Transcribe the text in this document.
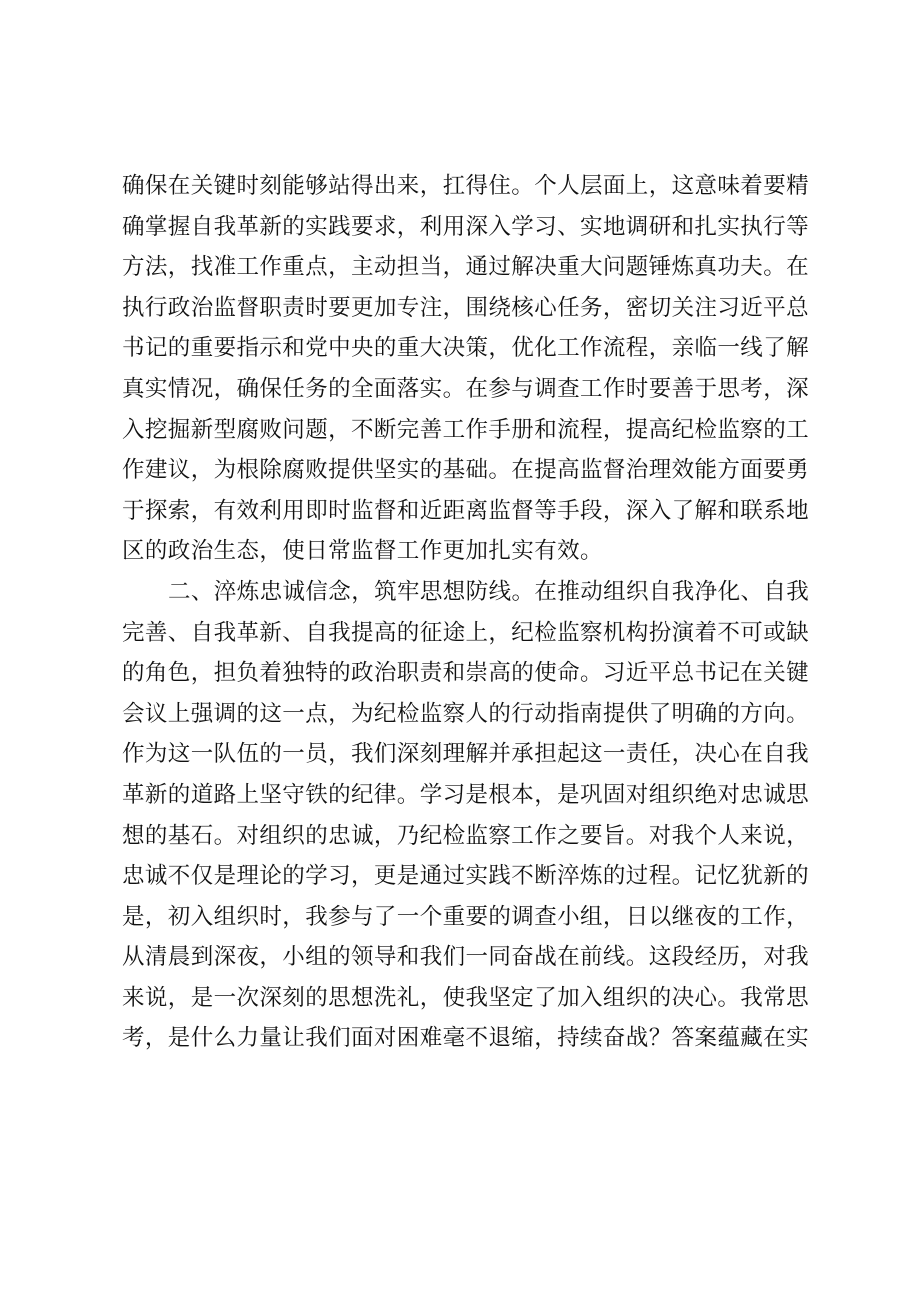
确保在关键时刻能够站得出来，扛得住。个人层面上，这意味着要精
确掌握自我革新的实践要求，利用深入学习、实地调研和扎实执行等
方法，找准工作重点，主动担当，通过解决重大问题锤炼真功夫。在
执行政治监督职责时要更加专注，围绕核心任务，密切关注习近平总
书记的重要指示和党中央的重大决策，优化工作流程，亲临一线了解
真实情况，确保任务的全面落实。在参与调查工作时要善于思考，深
入挖掘新型腐败问题，不断完善工作手册和流程，提高纪检监察的工
作建议，为根除腐败提供坚实的基础。在提高监督治理效能方面要勇
于探索，有效利用即时监督和近距离监督等手段，深入了解和联系地
区的政治生态，使日常监督工作更加扎实有效。

二、淬炼忠诚信念，筑牢思想防线。在推动组织自我净化、自我
完善、自我革新、自我提高的征途上，纪检监察机构扮演着不可或缺
的角色，担负着独特的政治职责和崇高的使命。习近平总书记在关键
会议上强调的这一点，为纪检监察人的行动指南提供了明确的方向。
作为这一队伍的一员，我们深刻理解并承担起这一责任，决心在自我
革新的道路上坚守铁的纪律。学习是根本，是巩固对组织绝对忠诚思
想的基石。对组织的忠诚，乃纪检监察工作之要旨。对我个人来说，
忠诚不仅是理论的学习，更是通过实践不断淬炼的过程。记忆犹新的
是，初入组织时，我参与了一个重要的调查小组，日以继夜的工作，
从清晨到深夜，小组的领导和我们一同奋战在前线。这段经历，对我
来说，是一次深刻的思想洗礼，使我坚定了加入组织的决心。我常思
考，是什么力量让我们面对困难毫不退缩，持续奋战？答案蕴藏在实
